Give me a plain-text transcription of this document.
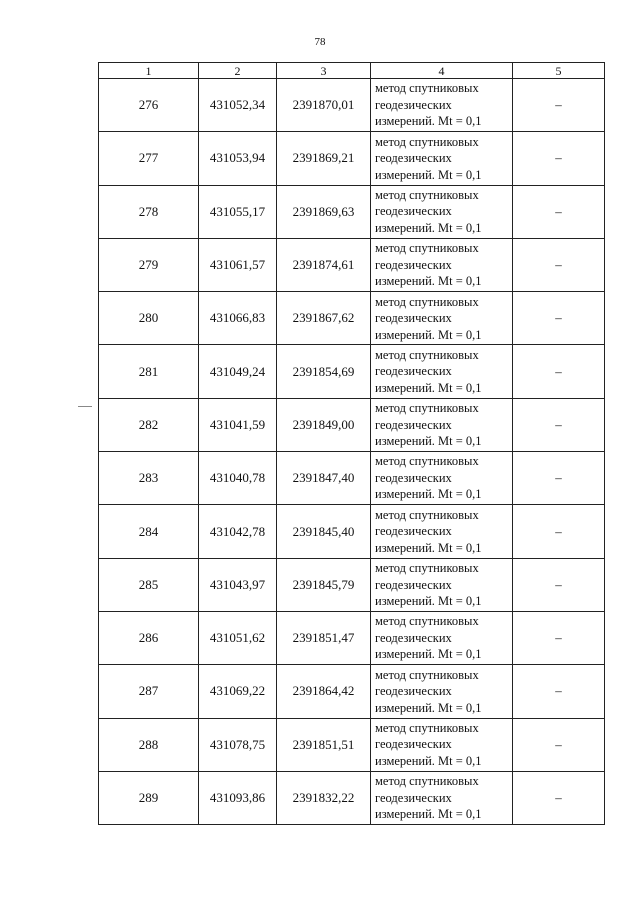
78
1	2	3	4	5
276	431052,34	2391870,01	метод спутниковых геодезических измерений. Mt = 0,1	–
277	431053,94	2391869,21	метод спутниковых геодезических измерений. Mt = 0,1	–
278	431055,17	2391869,63	метод спутниковых геодезических измерений. Mt = 0,1	–
279	431061,57	2391874,61	метод спутниковых геодезических измерений. Mt = 0,1	–
280	431066,83	2391867,62	метод спутниковых геодезических измерений. Mt = 0,1	–
281	431049,24	2391854,69	метод спутниковых геодезических измерений. Mt = 0,1	–
282	431041,59	2391849,00	метод спутниковых геодезических измерений. Mt = 0,1	–
283	431040,78	2391847,40	метод спутниковых геодезических измерений. Mt = 0,1	–
284	431042,78	2391845,40	метод спутниковых геодезических измерений. Mt = 0,1	–
285	431043,97	2391845,79	метод спутниковых геодезических измерений. Mt = 0,1	–
286	431051,62	2391851,47	метод спутниковых геодезических измерений. Mt = 0,1	–
287	431069,22	2391864,42	метод спутниковых геодезических измерений. Mt = 0,1	–
288	431078,75	2391851,51	метод спутниковых геодезических измерений. Mt = 0,1	–
289	431093,86	2391832,22	метод спутниковых геодезических измерений. Mt = 0,1	–
